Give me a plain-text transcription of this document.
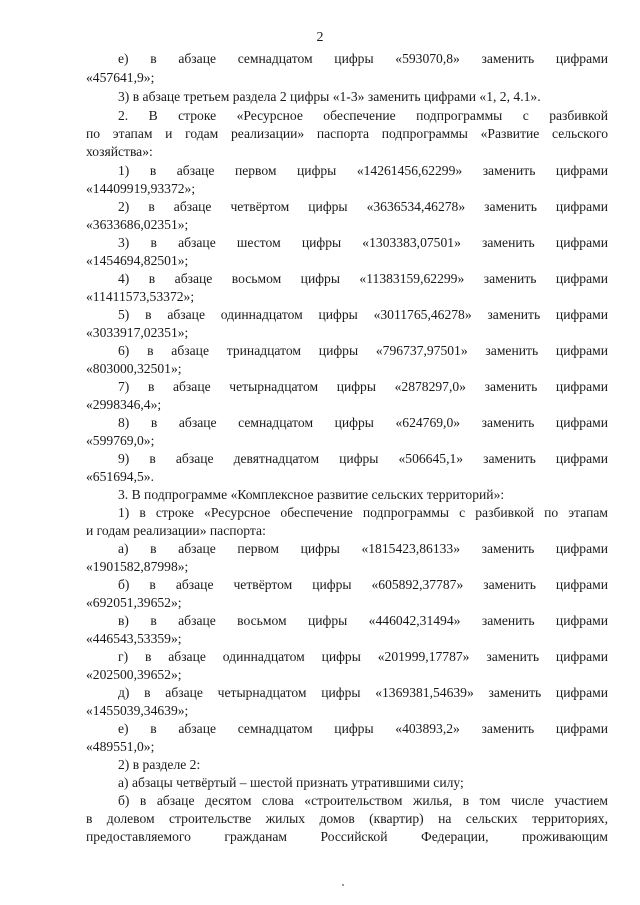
2
е) в абзаце семнадцатом цифры «593070,8» заменить цифрами
«457641,9»;
3) в абзаце третьем раздела 2 цифры «1-3» заменить цифрами «1, 2, 4.1».
2. В строке «Ресурсное обеспечение подпрограммы с разбивкой
по этапам и годам реализации» паспорта подпрограммы «Развитие сельского
хозяйства»:
1) в абзаце первом цифры «14261456,62299» заменить цифрами
«14409919,93372»;
2) в абзаце четвёртом цифры «3636534,46278» заменить цифрами
«3633686,02351»;
3) в абзаце шестом цифры «1303383,07501» заменить цифрами
«1454694,82501»;
4) в абзаце восьмом цифры «11383159,62299» заменить цифрами
«11411573,53372»;
5) в абзаце одиннадцатом цифры «3011765,46278» заменить цифрами
«3033917,02351»;
6) в абзаце тринадцатом цифры «796737,97501» заменить цифрами
«803000,32501»;
7) в абзаце четырнадцатом цифры «2878297,0» заменить цифрами
«2998346,4»;
8) в абзаце семнадцатом цифры «624769,0» заменить цифрами
«599769,0»;
9) в абзаце девятнадцатом цифры «506645,1» заменить цифрами
«651694,5».
3. В подпрограмме «Комплексное развитие сельских территорий»:
1) в строке «Ресурсное обеспечение подпрограммы с разбивкой по этапам
и годам реализации» паспорта:
а) в абзаце первом цифры «1815423,86133» заменить цифрами
«1901582,87998»;
б) в абзаце четвёртом цифры «605892,37787» заменить цифрами
«692051,39652»;
в) в абзаце восьмом цифры «446042,31494» заменить цифрами
«446543,53359»;
г) в абзаце одиннадцатом цифры «201999,17787» заменить цифрами
«202500,39652»;
д) в абзаце четырнадцатом цифры «1369381,54639» заменить цифрами
«1455039,34639»;
е) в абзаце семнадцатом цифры «403893,2» заменить цифрами
«489551,0»;
2) в разделе 2:
а) абзацы четвёртый – шестой признать утратившими силу;
б) в абзаце десятом слова «строительством жилья, в том числе участием
в долевом строительстве жилых домов (квартир) на сельских территориях,
предоставляемого гражданам Российской Федерации, проживающим
